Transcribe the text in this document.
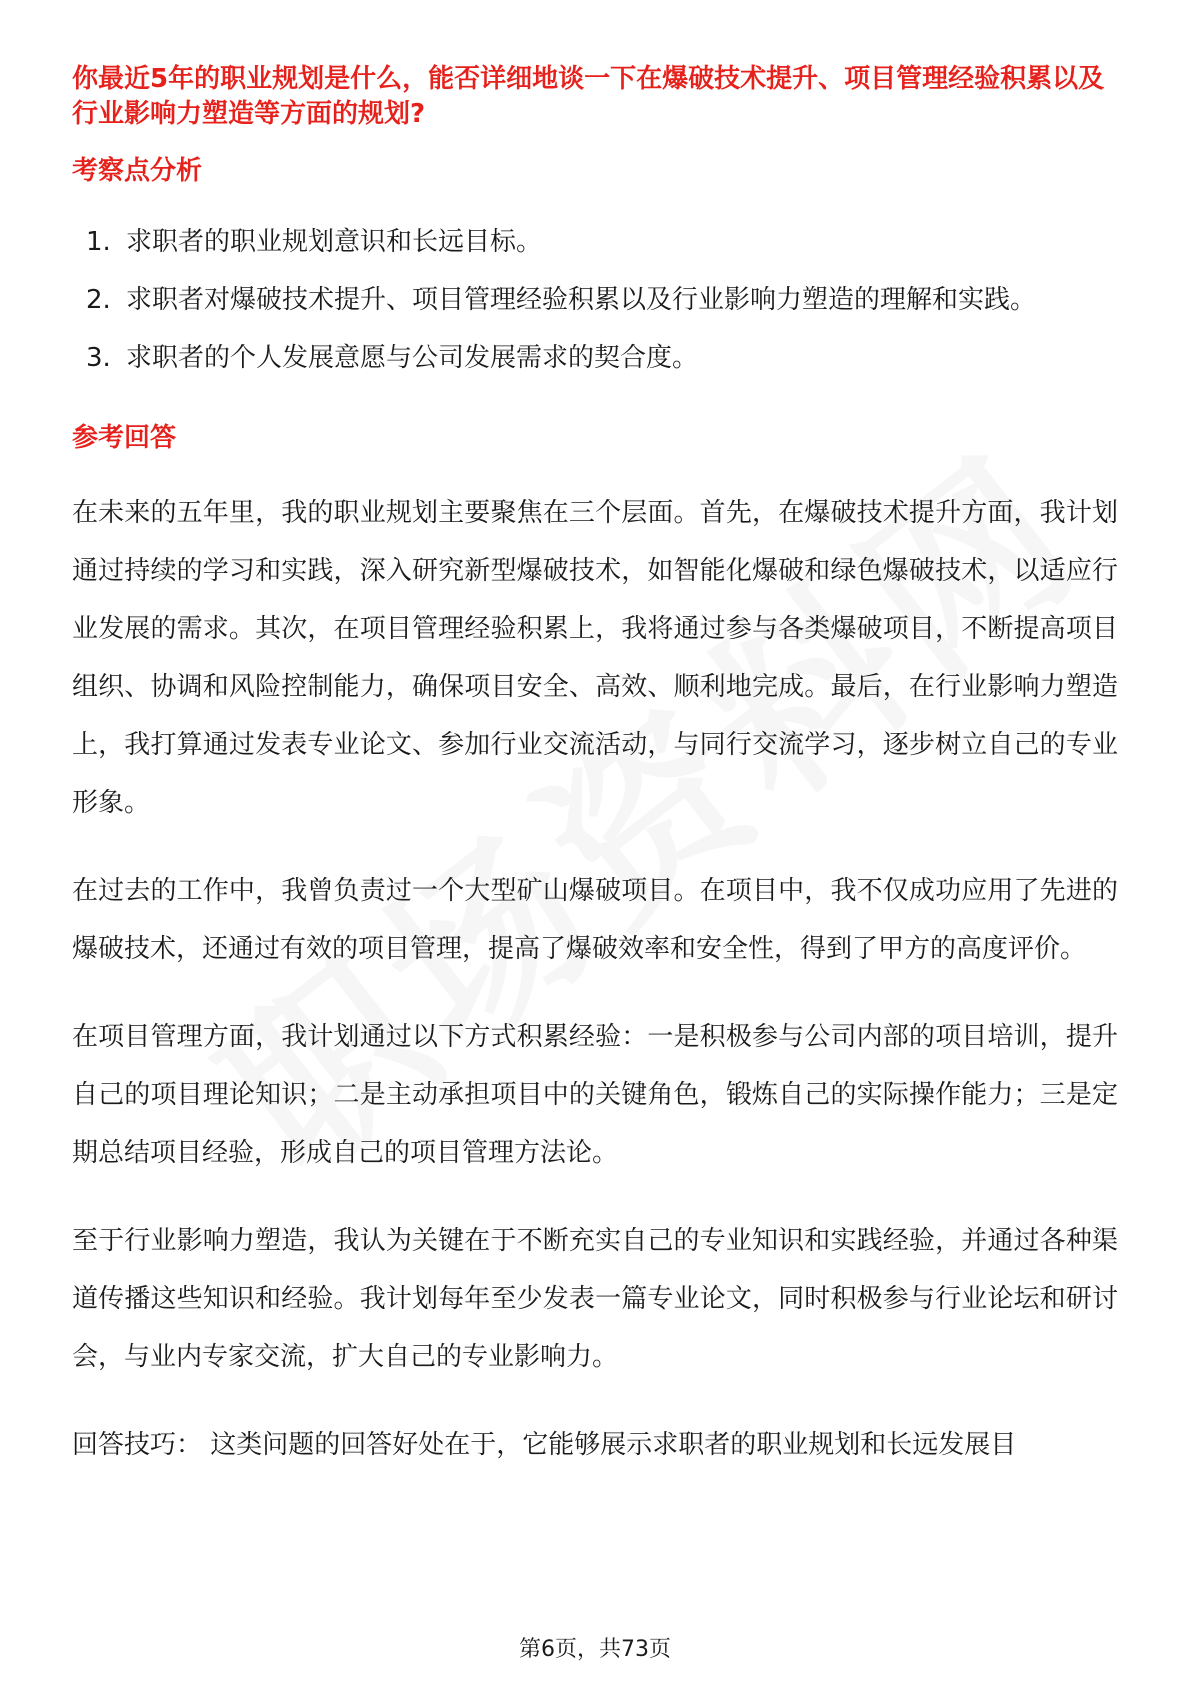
你最近5年的职业规划是什么，能否详细地谈一下在爆破技术提升、项目管理经验积累以及行业影响力塑造等方面的规划?

考察点分析
1. 求职者的职业规划意识和长远目标。
2. 求职者对爆破技术提升、项目管理经验积累以及行业影响力塑造的理解和实践。
3. 求职者的个人发展意愿与公司发展需求的契合度。
参考回答

在未来的五年里，我的职业规划主要聚焦在三个层面。首先，在爆破技术提升方面，我计划通过持续的学习和实践，深入研究新型爆破技术，如智能化爆破和绿色爆破技术，以适应行业发展的需求。其次，在项目管理经验积累上，我将通过参与各类爆破项目，不断提高项目组织、协调和风险控制能力，确保项目安全、高效、顺利地完成。最后，在行业影响力塑造上，我打算通过发表专业论文、参加行业交流活动，与同行交流学习，逐步树立自己的专业形象。

在过去的工作中，我曾负责过一个大型矿山爆破项目。在项目中，我不仅成功应用了先进的爆破技术，还通过有效的项目管理，提高了爆破效率和安全性，得到了甲方的高度评价。

在项目管理方面，我计划通过以下方式积累经验：一是积极参与公司内部的项目培训，提升自己的项目理论知识；二是主动承担项目中的关键角色，锻炼自己的实际操作能力；三是定期总结项目经验，形成自己的项目管理方法论。

至于行业影响力塑造，我认为关键在于不断充实自己的专业知识和实践经验，并通过各种渠道传播这些知识和经验。我计划每年至少发表一篇专业论文，同时积极参与行业论坛和研讨会，与业内专家交流，扩大自己的专业影响力。

回答技巧： 这类问题的回答好处在于，它能够展示求职者的职业规划和长远发展目

第6页，共73页
